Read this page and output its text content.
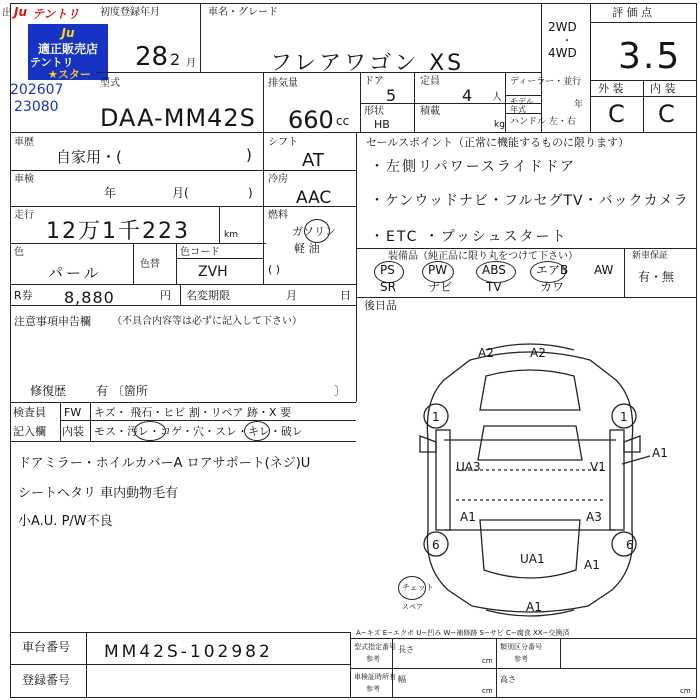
出 Ju テントリ
Ju
適正販売店
テントリ
★スター
202607
23080
初度登録年月
28 2 月
型式
DAA-MM42S
車名・グレード
フレアワゴン XS
2WD
・
4WD
排気量
660 cc
ドア
5
定員
4 人
形状
HB
積載
kg
ディーラー・並行
モデル
年式	年
ハンドル 左・右
評 価 点
3.5
外 装 内 装
C C
車歴
自家用・(	)
車検
年	月(	)
走行
12万1千223	km
色
パール	色替
色コード
ZVH
R券 8,880	円 名変期限	月	日
シフト
AT
冷房
AAC
燃料
ガソリン
軽 油
( )
セールスポイント（正常に機能するものに限ります）
・左側リパワースライドドア
・ケンウッドナビ・フルセグTV・バックカメラ
・ETC ・プッシュスタート
装備品（純正品に限り丸をつけて下さい）
PS	PW	ABS	エアB AW
SR	ナビ	TV	カワ
新車保証
有・無
後日品
注意事項申告欄 （不具合内容等は必ずに記入して下さい）
修復歴 有 〔箇所	〕
検査員
記入欄
FW キズ・ 飛石・ヒビ 割・リペア 跡・X 要
内装 モス・汚レ・コゲ・穴・スレ・キレ・破レ
ドアミラー・ホイルカバーA ロアサポート(ネジ)U
シートヘタリ 車内動物毛有
小A.U. P/W不良
A2	A2
1	1
UA3	V1
A1
A1	A3
6	6
UA1	A1
A1
チェット
スペア
A−キズ E−エクボ U−凹み W−補修跡 S−サビ C−腐食 XX−交換済
車台番号 MM42S-102982
登録番号
型式指定番号
参考
長さ
cm
類別区分番号
参考
車検証時所有
参考
幅
cm
高さ
cm
